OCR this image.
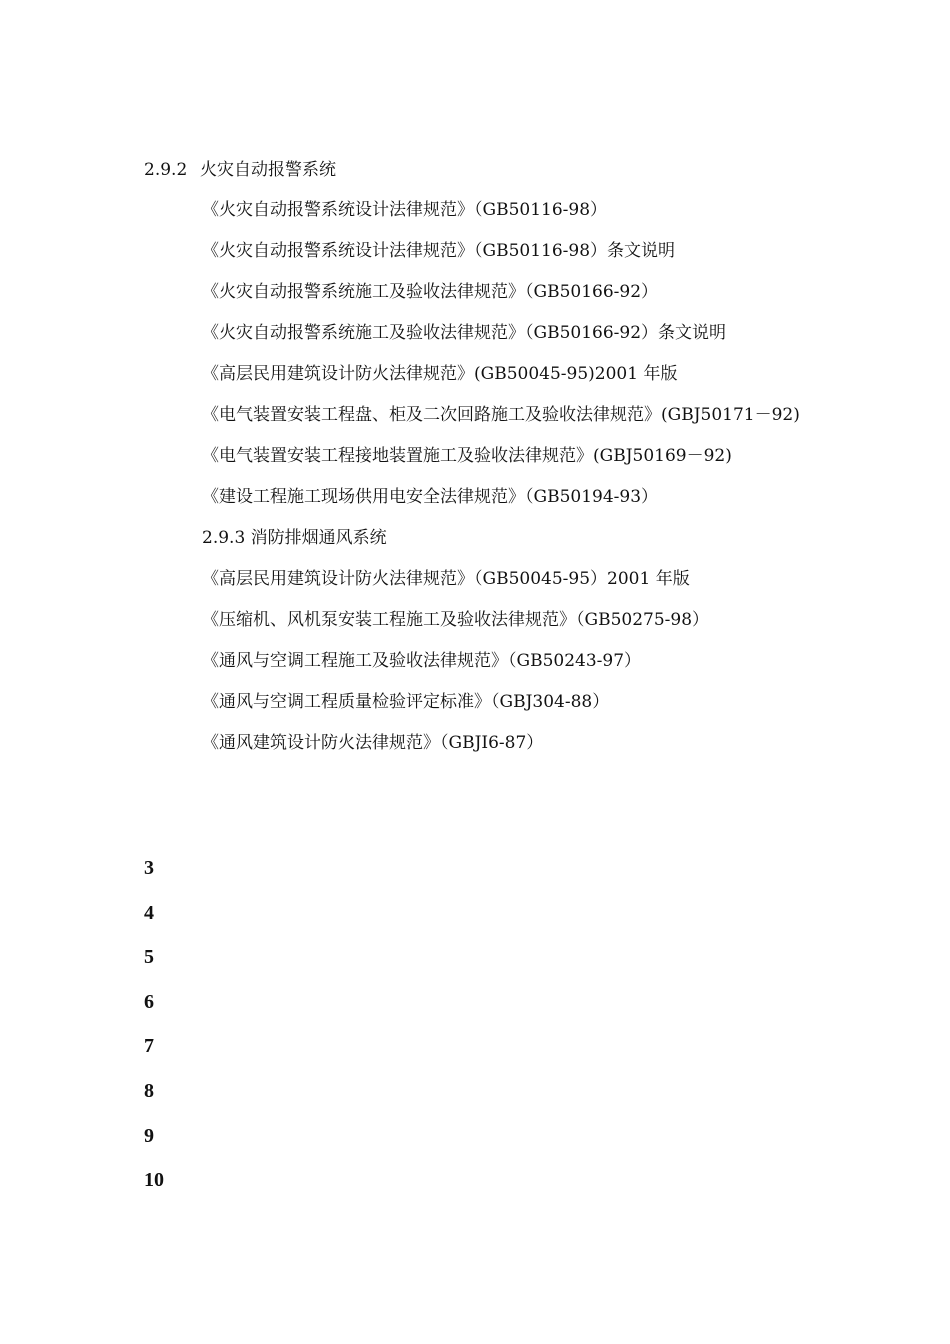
2.9.2 火灾自动报警系统
《火灾自动报警系统设计法律规范》（GB50116-98）
《火灾自动报警系统设计法律规范》（GB50116-98）条文说明
《火灾自动报警系统施工及验收法律规范》（GB50166-92）
《火灾自动报警系统施工及验收法律规范》（GB50166-92）条文说明
《高层民用建筑设计防火法律规范》(GB50045-95)2001 年版
《电气装置安装工程盘、柜及二次回路施工及验收法律规范》(GBJ50171－92)
《电气装置安装工程接地装置施工及验收法律规范》(GBJ50169－92)
《建设工程施工现场供用电安全法律规范》（GB50194-93）
2.9.3 消防排烟通风系统
《高层民用建筑设计防火法律规范》（GB50045-95）2001 年版
《压缩机、风机泵安装工程施工及验收法律规范》（GB50275-98）
《通风与空调工程施工及验收法律规范》（GB50243-97）
《通风与空调工程质量检验评定标准》（GBJ304-88）
《通风建筑设计防火法律规范》（GBJI6-87）
3
4
5
6
7
8
9
10
